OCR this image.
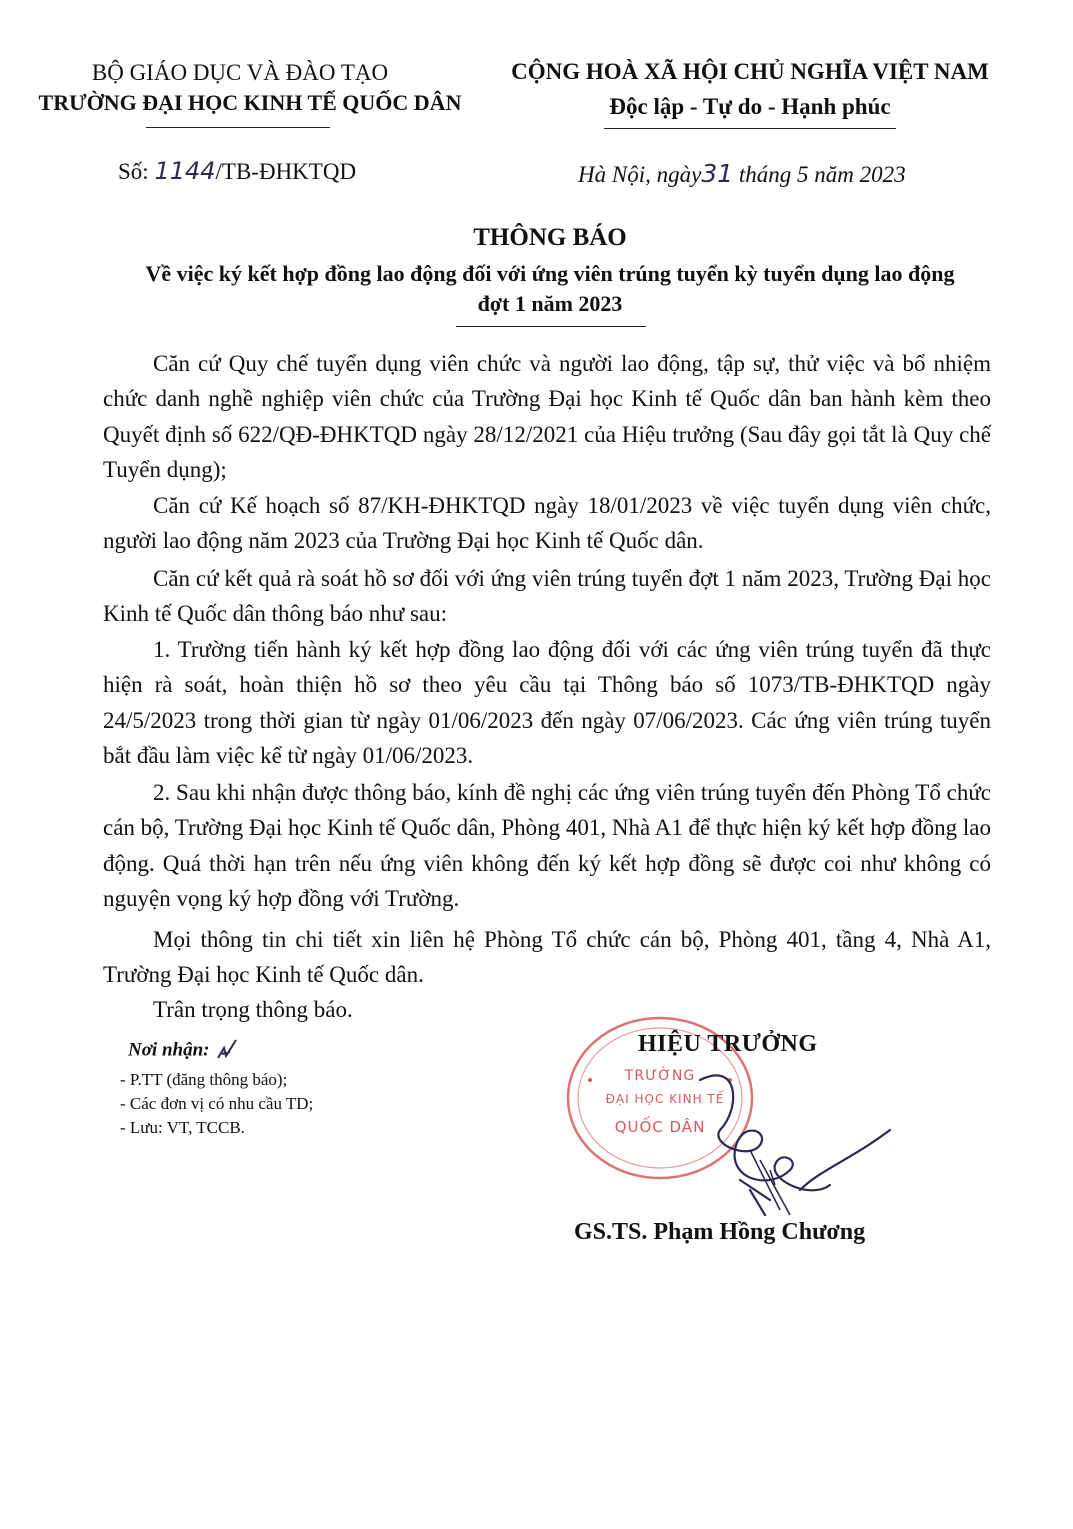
BỘ GIÁO DỤC VÀ ĐÀO TẠO
TRƯỜNG ĐẠI HỌC KINH TẾ QUỐC DÂN
CỘNG HOÀ XÃ HỘI CHỦ NGHĨA VIỆT NAM
Độc lập - Tự do - Hạnh phúc
Số: 1144/TB-ĐHKTQD	Hà Nội, ngày31 tháng 5 năm 2023
THÔNG BÁO
Về việc ký kết hợp đồng lao động đối với ứng viên trúng tuyển kỳ tuyển dụng lao động
đợt 1 năm 2023
Căn cứ Quy chế tuyển dụng viên chức và người lao động, tập sự, thử việc và bổ nhiệm chức danh nghề nghiệp viên chức của Trường Đại học Kinh tế Quốc dân ban hành kèm theo Quyết định số 622/QĐ-ĐHKTQD ngày 28/12/2021 của Hiệu trưởng (Sau đây gọi tắt là Quy chế Tuyển dụng);
Căn cứ Kế hoạch số 87/KH-ĐHKTQD ngày 18/01/2023 về việc tuyển dụng viên chức, người lao động năm 2023 của Trường Đại học Kinh tế Quốc dân.
Căn cứ kết quả rà soát hồ sơ đối với ứng viên trúng tuyển đợt 1 năm 2023, Trường Đại học Kinh tế Quốc dân thông báo như sau:
1. Trường tiến hành ký kết hợp đồng lao động đối với các ứng viên trúng tuyển đã thực hiện rà soát, hoàn thiện hồ sơ theo yêu cầu tại Thông báo số 1073/TB-ĐHKTQD ngày 24/5/2023 trong thời gian từ ngày 01/06/2023 đến ngày 07/06/2023. Các ứng viên trúng tuyển bắt đầu làm việc kể từ ngày 01/06/2023.
2. Sau khi nhận được thông báo, kính đề nghị các ứng viên trúng tuyển đến Phòng Tổ chức cán bộ, Trường Đại học Kinh tế Quốc dân, Phòng 401, Nhà A1 để thực hiện ký kết hợp đồng lao động. Quá thời hạn trên nếu ứng viên không đến ký kết hợp đồng sẽ được coi như không có nguyện vọng ký hợp đồng với Trường.
Mọi thông tin chi tiết xin liên hệ Phòng Tổ chức cán bộ, Phòng 401, tầng 4, Nhà A1, Trường Đại học Kinh tế Quốc dân.
Trân trọng thông báo.
Nơi nhận:
- P.TT (đăng thông báo);
- Các đơn vị có nhu cầu TD;
- Lưu: VT, TCCB.
TRƯỜNG
ĐẠI HỌC KINH TẾ
QUỐC DÂN
HIỆU TRƯỞNG
GS.TS. Phạm Hồng Chương
